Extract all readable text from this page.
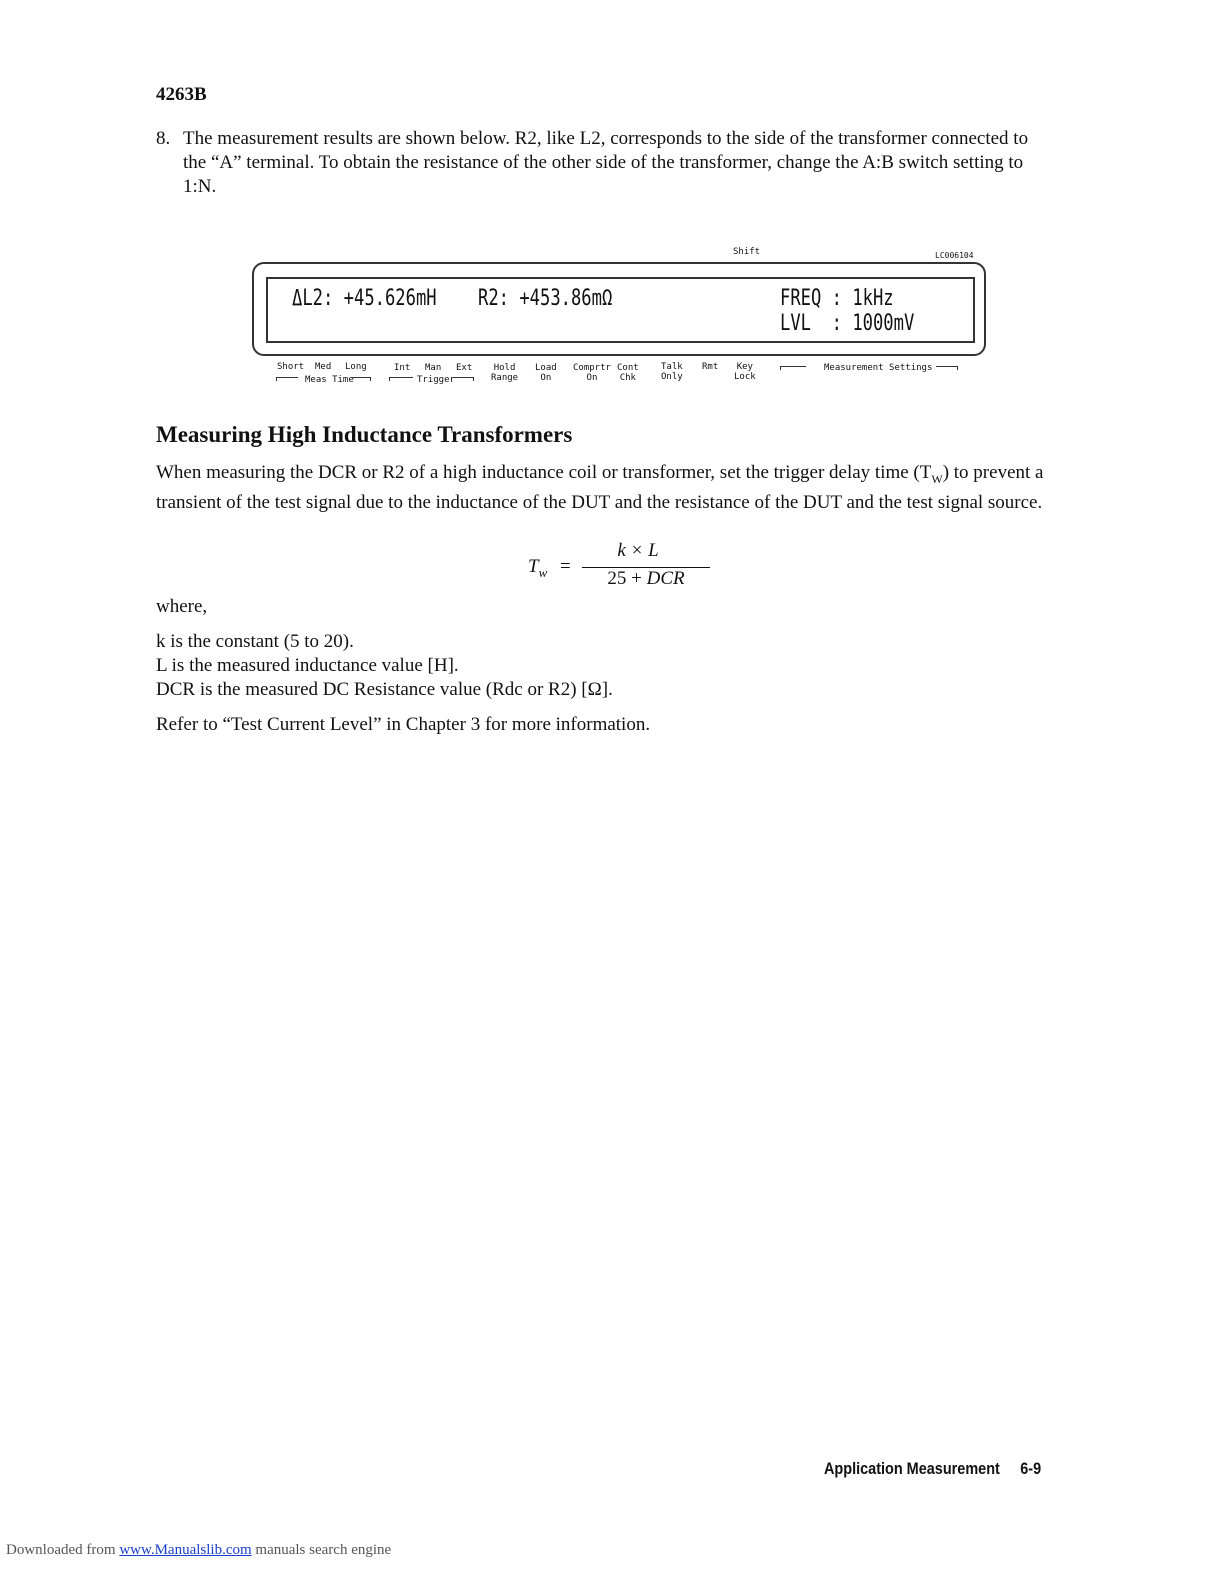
4263B
8. The measurement results are shown below. R2, like L2, corresponds to the side of the transformer connected to the “A” terminal. To obtain the resistance of the other side of the transformer, change the A:B switch setting to 1:N.
Shift	LC006104
ΔL2: +45.626mH R2: +453.86mΩ	FREQ : 1kHz
LVL  : 1000mV
Short Med Long
Meas Time
Int Man Ext
Trigger
Hold
Range
Load
On
Comprtr
On
Cont
Chk
Talk
Only
Rmt	Key
Lock
Measurement Settings
Measuring High Inductance Transformers
When measuring the DCR or R2 of a high inductance coil or transformer, set the trigger delay time $(T_W)$ to prevent a transient of the test signal due to the inductance of the DUT and the resistance of the DUT and the test signal source.
$T_w$ =
k × L
25 + DCR
where,
k is the constant (5 to 20).
L is the measured inductance value [H].
DCR is the measured DC Resistance value (Rdc or R2) [Ω].
Refer to “Test Current Level” in Chapter 3 for more information.
Application Measurement 6-9
Downloaded from www.Manualslib.com manuals search engine
